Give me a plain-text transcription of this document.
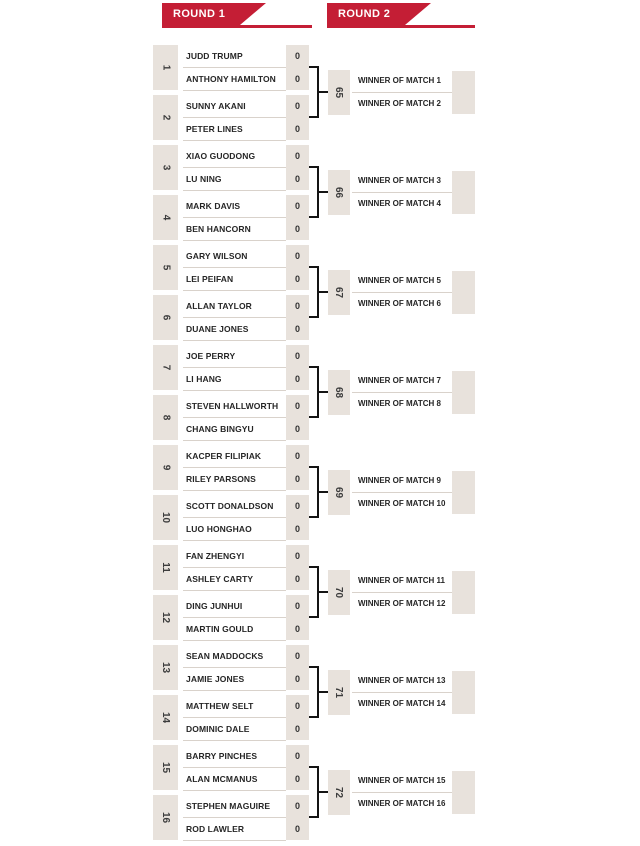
ROUND 1	ROUND 2
1
JUDD TRUMP
ANTHONY HAMILTON
0
0
2
SUNNY AKANI
PETER LINES
0
0
65
WINNER OF MATCH 1
WINNER OF MATCH 2
3
XIAO GUODONG
LU NING
0
0
4
MARK DAVIS
BEN HANCORN
0
0
66
WINNER OF MATCH 3
WINNER OF MATCH 4
5
GARY WILSON
LEI PEIFAN
0
0
6
ALLAN TAYLOR
DUANE JONES
0
0
67
WINNER OF MATCH 5
WINNER OF MATCH 6
7
JOE PERRY
LI HANG
0
0
8
STEVEN HALLWORTH
CHANG BINGYU
0
0
68
WINNER OF MATCH 7
WINNER OF MATCH 8
9
KACPER FILIPIAK
RILEY PARSONS
0
0
10
SCOTT DONALDSON
LUO HONGHAO
0
0
69
WINNER OF MATCH 9
WINNER OF MATCH 10
11
FAN ZHENGYI
ASHLEY CARTY
0
0
12
DING JUNHUI
MARTIN GOULD
0
0
70
WINNER OF MATCH 11
WINNER OF MATCH 12
13
SEAN MADDOCKS
JAMIE JONES
0
0
14
MATTHEW SELT
DOMINIC DALE
0
0
71
WINNER OF MATCH 13
WINNER OF MATCH 14
15
BARRY PINCHES
ALAN MCMANUS
0
0
16
STEPHEN MAGUIRE
ROD LAWLER
0
0
72
WINNER OF MATCH 15
WINNER OF MATCH 16
